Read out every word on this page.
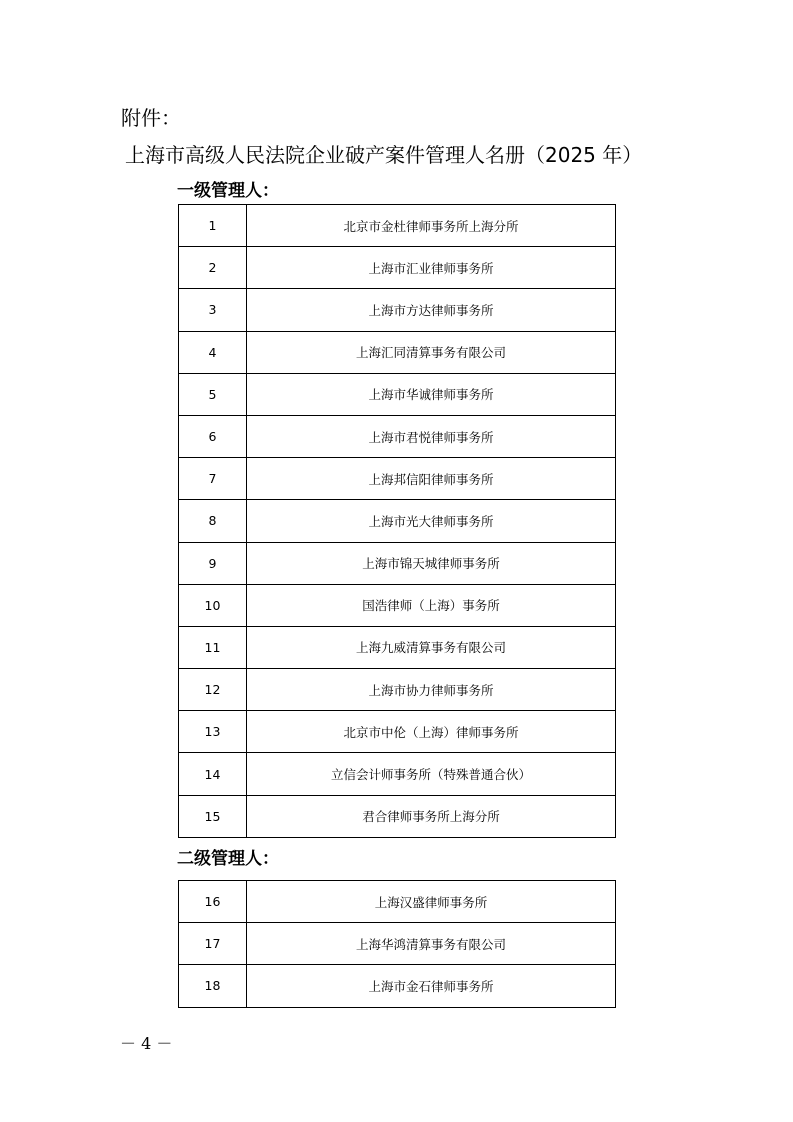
附件：
上海市高级人民法院企业破产案件管理人名册（2025 年）
一级管理人：
1	北京市金杜律师事务所上海分所
2	上海市汇业律师事务所
3	上海市方达律师事务所
4	上海汇同清算事务有限公司
5	上海市华诚律师事务所
6	上海市君悦律师事务所
7	上海邦信阳律师事务所
8	上海市光大律师事务所
9	上海市锦天城律师事务所
10	国浩律师（上海）事务所
11	上海九威清算事务有限公司
12	上海市协力律师事务所
13	北京市中伦（上海）律师事务所
14	立信会计师事务所（特殊普通合伙）
15	君合律师事务所上海分所
二级管理人：
16	上海汉盛律师事务所
17	上海华鸿清算事务有限公司
18	上海市金石律师事务所
－ 4 －
